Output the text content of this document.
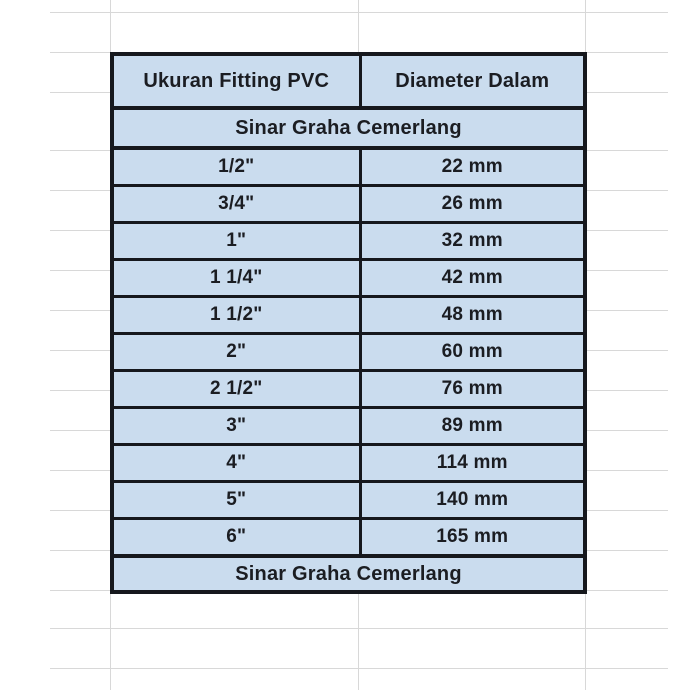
Ukuran Fitting PVC	Diameter Dalam
Sinar Graha Cemerlang	
1/2"	22 mm
3/4"	26 mm
1"	32 mm
1 1/4"	42 mm
1 1/2"	48 mm
2"	60 mm
2 1/2"	76 mm
3"	89 mm
4"	114 mm
5"	140 mm
6"	165 mm
Sinar Graha Cemerlang	
